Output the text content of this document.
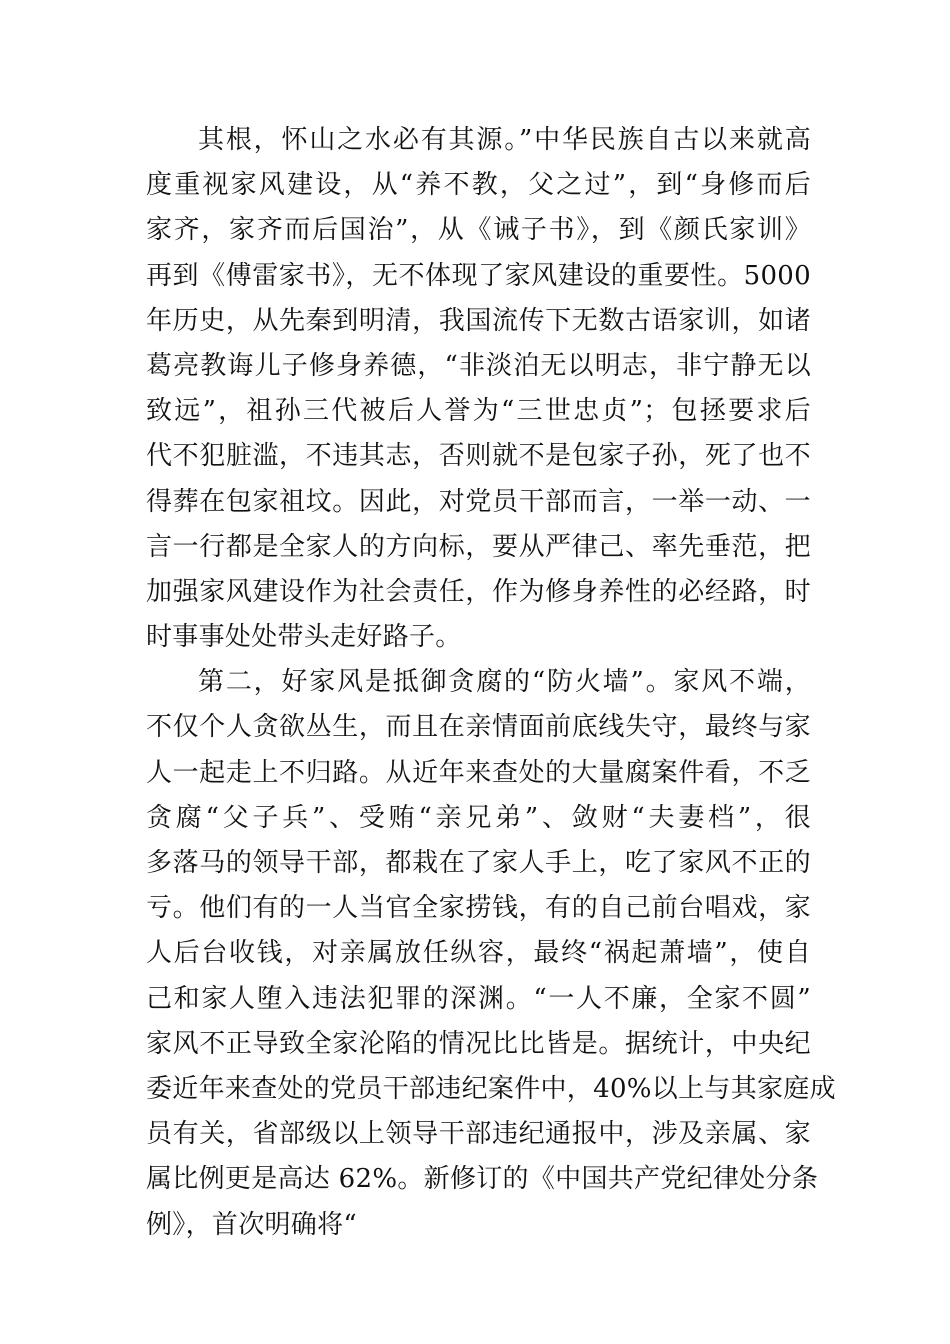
其根，怀山之水必有其源。”中华民族自古以来就高
度重视家风建设，从“养不教，父之过”，到“身修而后
家齐，家齐而后国治”，从《诫子书》，到《颜氏家训》
再到《傅雷家书》，无不体现了家风建设的重要性。5000
年历史，从先秦到明清，我国流传下无数古语家训，如诸
葛亮教诲儿子修身养德，“非淡泊无以明志，非宁静无以
致远”，祖孙三代被后人誉为“三世忠贞”；包拯要求后
代不犯脏滥，不违其志，否则就不是包家子孙，死了也不
得葬在包家祖坟。因此，对党员干部而言，一举一动、一
言一行都是全家人的方向标，要从严律己、率先垂范，把
加强家风建设作为社会责任，作为修身养性的必经路，时
时事事处处带头走好路子。
第二，好家风是抵御贪腐的“防火墙”。家风不端，
不仅个人贪欲丛生，而且在亲情面前底线失守，最终与家
人一起走上不归路。从近年来查处的大量腐案件看，不乏
贪腐“父子兵”、受贿“亲兄弟”、敛财“夫妻档”，很
多落马的领导干部，都栽在了家人手上，吃了家风不正的
亏。他们有的一人当官全家捞钱，有的自己前台唱戏，家
人后台收钱，对亲属放任纵容，最终“祸起萧墙”，使自
己和家人堕入违法犯罪的深渊。“一人不廉，全家不圆”
家风不正导致全家沦陷的情况比比皆是。据统计，中央纪
委近年来查处的党员干部违纪案件中，40%以上与其家庭成
员有关，省部级以上领导干部违纪通报中，涉及亲属、家
属比例更是高达 62%。新修订的《中国共产党纪律处分条
例》，首次明确将“
